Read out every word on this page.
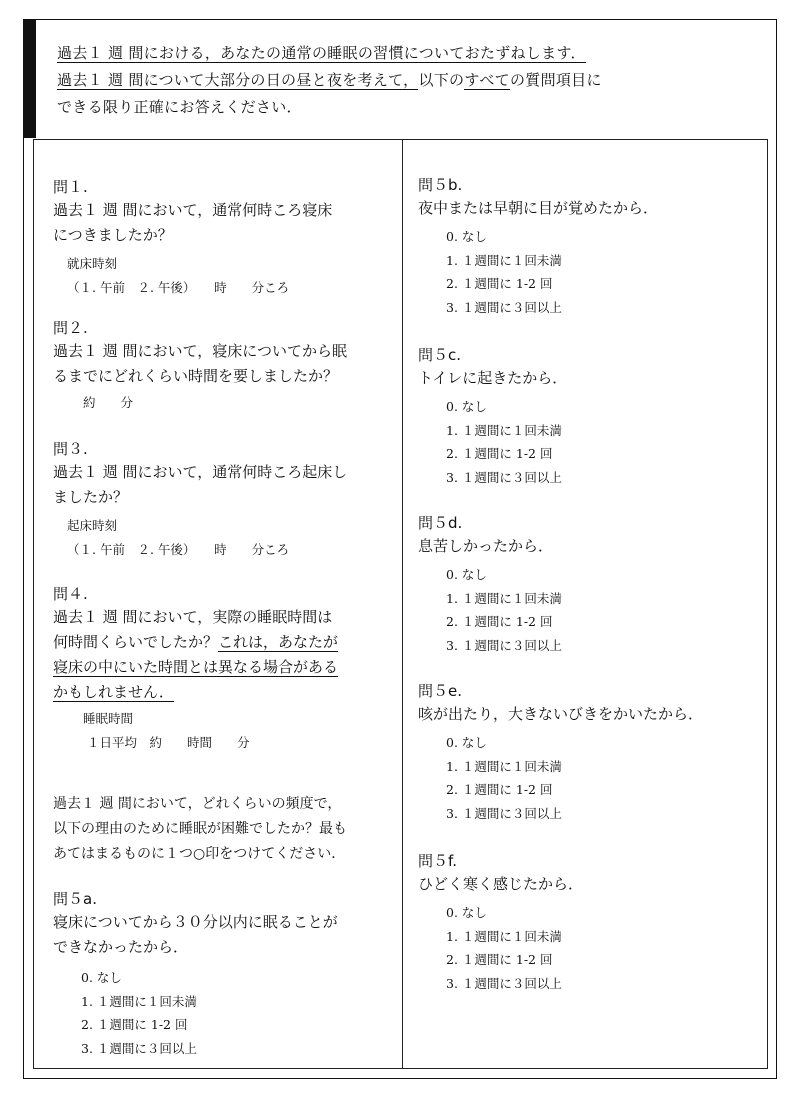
過去１ 週 間における，あなたの通常の睡眠の習慣についておたずねします．

過去１ 週 間について大部分の日の昼と夜を考えて，以下のすべての質問項目に

できる限り正確にお答えください．

問１.

過去１ 週 間において，通常何時ころ寝床
につきましたか？

就床時刻

（１. 午前　２. 午後）　　時　　分ころ

問２.

過去１ 週 間において，寝床についてから眠
るまでにどれくらい時間を要しましたか？

約　　分

問３.

過去１ 週 間において，通常何時ころ起床し
ましたか？

起床時刻

（１. 午前　２. 午後）　　時　　分ころ

問４.

過去１ 週 間において，実際の睡眠時間は
何時間くらいでしたか？これは，あなたが

寝床の中にいた時間とは異なる場合がある

かもしれません．

睡眠時間

１日平均　約　　時間　　分

過去１ 週 間において，どれくらいの頻度で，
以下の理由のために睡眠が困難でしたか？最も
あてはまるものに１つ○印をつけてください．

問５a.

寝床についてから３０分以内に眠ることが
できなかったから．

0. なし
1. １週間に１回未満
2. １週間に 1-2 回
3. １週間に３回以上

問５b.

夜中または早朝に目が覚めたから．

0. なし
1. １週間に１回未満
2. １週間に 1-2 回
3. １週間に３回以上

問５c.

トイレに起きたから．

0. なし
1. １週間に１回未満
2. １週間に 1-2 回
3. １週間に３回以上

問５d.

息苦しかったから．

0. なし
1. １週間に１回未満
2. １週間に 1-2 回
3. １週間に３回以上

問５e.

咳が出たり，大きないびきをかいたから．

0. なし
1. １週間に１回未満
2. １週間に 1-2 回
3. １週間に３回以上

問５f.

ひどく寒く感じたから．

0. なし
1. １週間に１回未満
2. １週間に 1-2 回
3. １週間に３回以上
